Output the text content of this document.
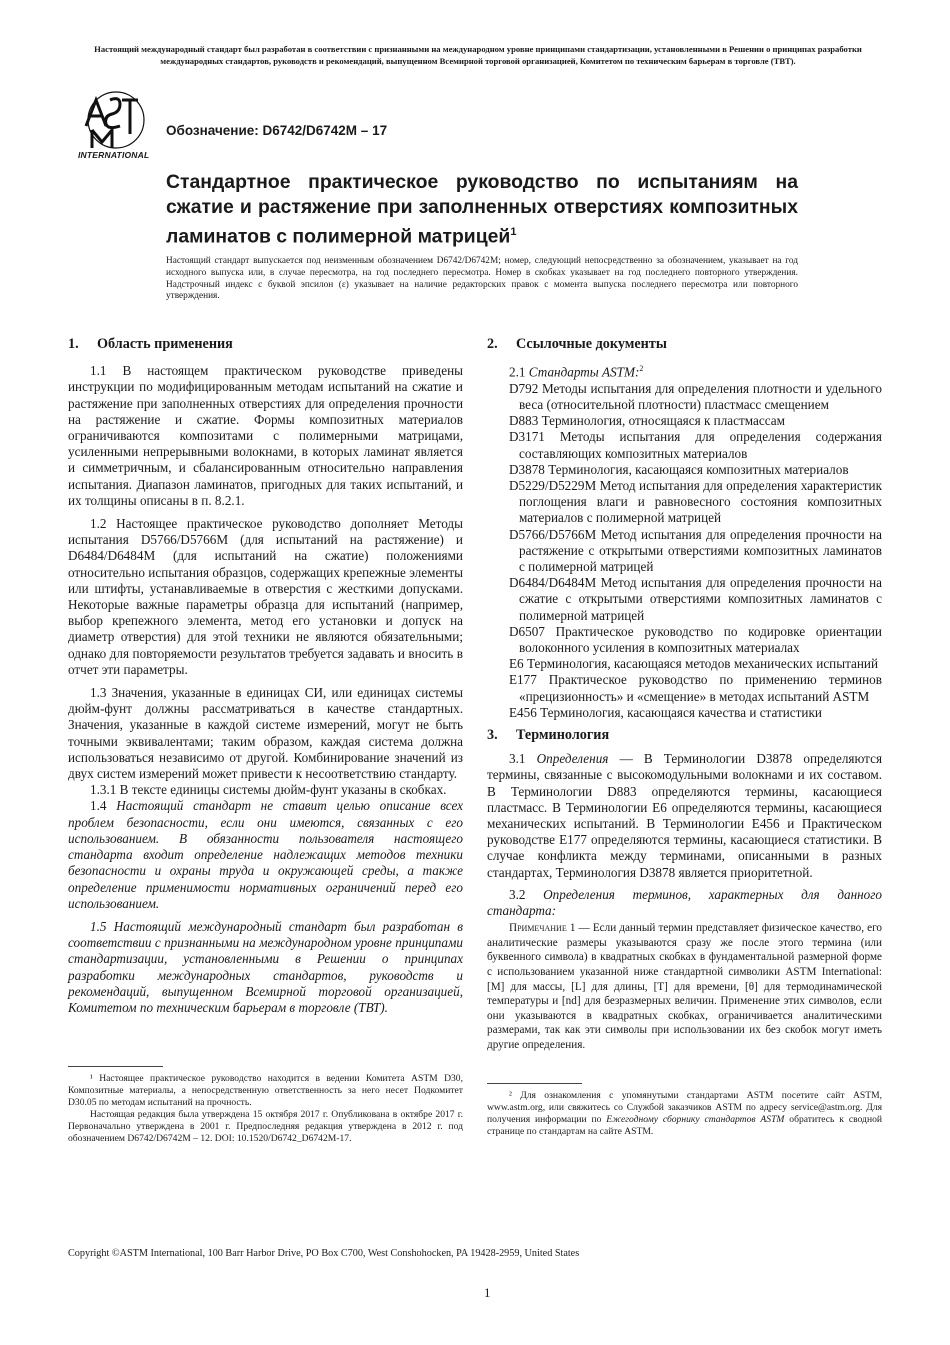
Настоящий международный стандарт был разработан в соответствии с признанными на международном уровне принципами стандартизации, установленными в Решении о принципах разработки международных стандартов, руководств и рекомендаций, выпущенном Всемирной торговой организацией, Комитетом по техническим барьерам в торговле (ТВТ).
INTERNATIONAL
Обозначение: D6742/D6742M – 17
Стандартное практическое руководство по испытаниям на сжатие и растяжение при заполненных отверстиях композитных ламинатов с полимерной матрицей$^1$
Настоящий стандарт выпускается под неизменным обозначением D6742/D6742M; номер, следующий непосредственно за обозначением, указывает на год исходного выпуска или, в случае пересмотра, на год последнего пересмотра. Номер в скобках указывает на год последнего повторного утверждения. Надстрочный индекс с буквой эпсилон (ε) указывает на наличие редакторских правок с момента выпуска последнего пересмотра или повторного утверждения.

1. Область применения

1.1 В настоящем практическом руководстве приведены инструкции по модифицированным методам испытаний на сжатие и растяжение при заполненных отверстиях для определения прочности на растяжение и сжатие. Формы композитных материалов ограничиваются композитами с полимерными матрицами, усиленными непрерывными волокнами, в которых ламинат является и симметричным, и сбалансированным относительно направления испытания. Диапазон ламинатов, пригодных для таких испытаний, и их толщины описаны в п. 8.2.1.

1.2 Настоящее практическое руководство дополняет Методы испытания D5766/D5766M (для испытаний на растяжение) и D6484/D6484M (для испытаний на сжатие) положениями относительно испытания образцов, содержащих крепежные элементы или штифты, устанавливаемые в отверстия с жесткими допусками. Некоторые важные параметры образца для испытаний (например, выбор крепежного элемента, метод его установки и допуск на диаметр отверстия) для этой техники не являются обязательными; однако для повторяемости результатов требуется задавать и вносить в отчет эти параметры.

1.3 Значения, указанные в единицах СИ, или единицах системы дюйм-фунт должны рассматриваться в качестве стандартных. Значения, указанные в каждой системе измерений, могут не быть точными эквивалентами; таким образом, каждая система должна использоваться независимо от другой. Комбинирование значений из двух систем измерений может привести к несоответствию стандарту.

1.3.1 В тексте единицы системы дюйм-фунт указаны в скобках.

1.4 Настоящий стандарт не ставит целью описание всех проблем безопасности, если они имеются, связанных с его использованием. В обязанности пользователя настоящего стандарта входит определение надлежащих методов техники безопасности и охраны труда и окружающей среды, а также определение применимости нормативных ограничений перед его использованием.

1.5 Настоящий международный стандарт был разработан в соответствии с признанными на международном уровне принципами стандартизации, установленными в Решении о принципах разработки международных стандартов, руководств и рекомендаций, выпущенном Всемирной торговой организацией, Комитетом по техническим барьерам в торговле (ТВТ).

¹ Настоящее практическое руководство находится в ведении Комитета ASTM D30, Композитные материалы, а непосредственную ответственность за него несет Подкомитет D30.05 по методам испытаний на прочность.

Настоящая редакция была утверждена 15 октября 2017 г. Опубликована в октябре 2017 г. Первоначально утверждена в 2001 г. Предпоследняя редакция утверждена в 2012 г. под обозначением D6742/D6742M – 12. DOI: 10.1520/D6742_D6742M-17.

2. Ссылочные документы

2.1 Стандарты ASTM:$^2$

D792 Методы испытания для определения плотности и удельного веса (относительной плотности) пластмасс смещением

D883 Терминология, относящаяся к пластмассам

D3171 Методы испытания для определения содержания составляющих композитных материалов

D3878 Терминология, касающаяся композитных материалов

D5229/D5229M Метод испытания для определения характеристик поглощения влаги и равновесного состояния композитных материалов с полимерной матрицей

D5766/D5766M Метод испытания для определения прочности на растяжение с открытыми отверстиями композитных ламинатов с полимерной матрицей

D6484/D6484M Метод испытания для определения прочности на сжатие с открытыми отверстиями композитных ламинатов с полимерной матрицей

D6507 Практическое руководство по кодировке ориентации волоконного усиления в композитных материалах

E6 Терминология, касающаяся методов механических испытаний

E177 Практическое руководство по применению терминов «прецизионность» и «смещение» в методах испытаний ASTM

E456 Терминология, касающаяся качества и статистики

3. Терминология

3.1 Определения — В Терминологии D3878 определяются термины, связанные с высокомодульными волокнами и их составом. В Терминологии D883 определяются термины, касающиеся пластмасс. В Терминологии E6 определяются термины, касающиеся механических испытаний. В Терминологии E456 и Практическом руководстве E177 определяются термины, касающиеся статистики. В случае конфликта между терминами, описанными в разных стандартах, Терминология D3878 является приоритетной.

3.2 Определения терминов, характерных для данного стандарта:

Примечание 1 — Если данный термин представляет физическое качество, его аналитические размеры указываются сразу же после этого термина (или буквенного символа) в квадратных скобках в фундаментальной размерной форме с использованием указанной ниже стандартной символики ASTM International: [M] для массы, [L] для длины, [T] для времени, [θ] для термодинамической температуры и [nd] для безразмерных величин. Применение этих символов, если они указываются в квадратных скобках, ограничивается аналитическими размерами, так как эти символы при использовании их без скобок могут иметь другие определения.

² Для ознакомления с упомянутыми стандартами ASTM посетите сайт ASTM, www.astm.org, или свяжитесь со Службой заказчиков ASTM по адресу service@astm.org. Для получения информации по Ежегодному сборнику стандартов ASTM обратитесь к сводной странице по стандартам на сайте ASTM.

Copyright ©ASTM International, 100 Barr Harbor Drive, PO Box C700, West Conshohocken, PA 19428-2959, United States
1
